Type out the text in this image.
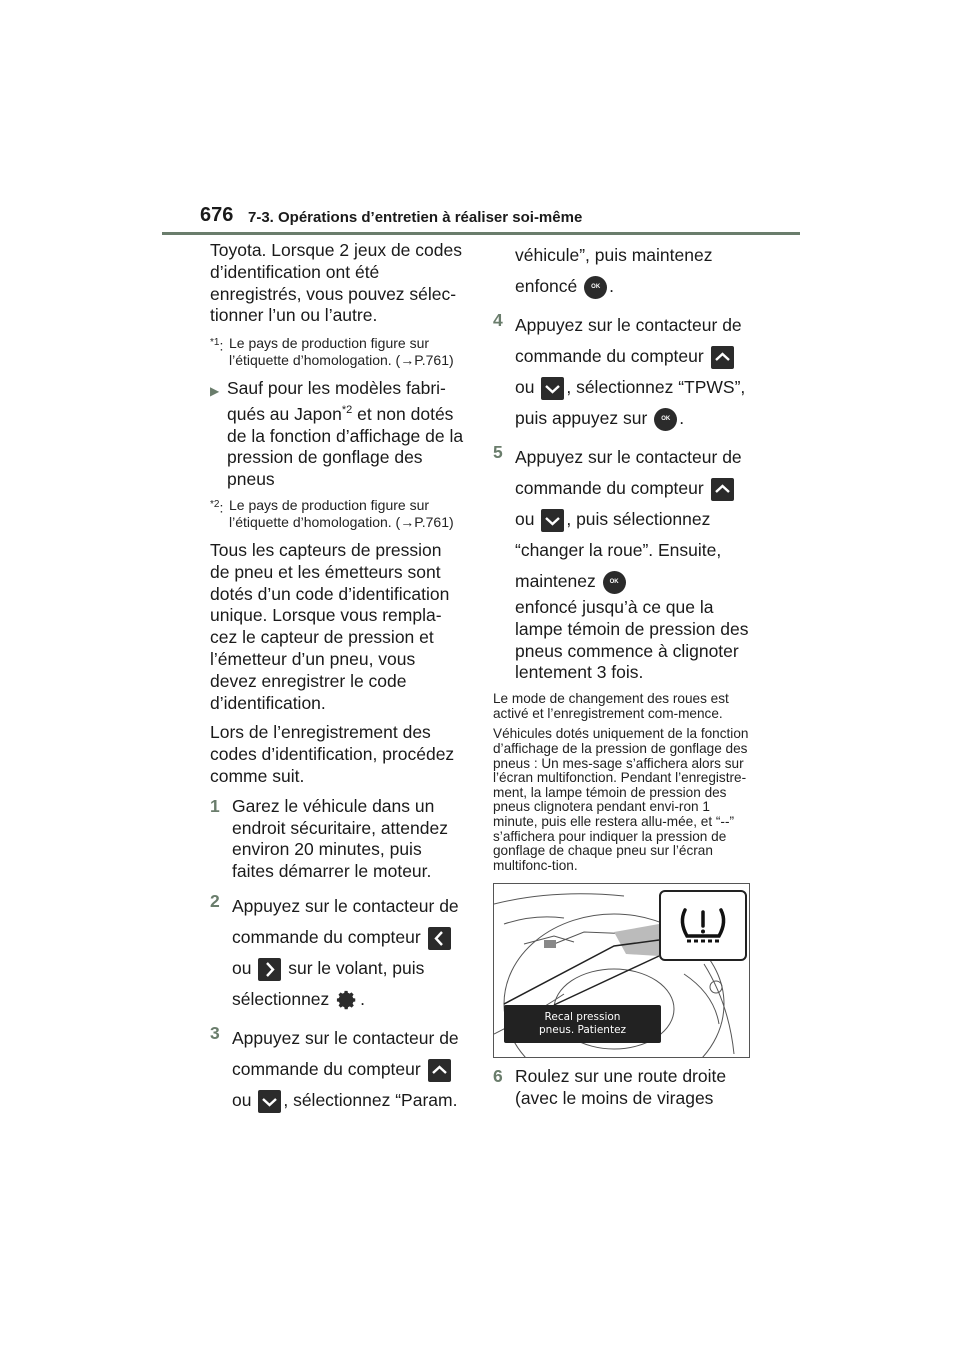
676 7-3. Opérations d’entretien à réaliser soi-même

Toyota. Lorsque 2 jeux de codes d’identification ont été enregistrés, vous pouvez sélec-tionner l’un ou l’autre.

$^{*1}$: Le pays de production figure sur l’étiquette d’homologation. (→P.761)
▶ Sauf pour les modèles fabri-qués au Japon$^{*2}$ et non dotés de la fonction d’affichage de la pression de gonflage des pneus
$^{*2}$: Le pays de production figure sur l’étiquette d’homologation. (→P.761)

Tous les capteurs de pression de pneu et les émetteurs sont dotés d’un code d’identification unique. Lorsque vous rempla-cez le capteur de pression et l’émetteur d’un pneu, vous devez enregistrer le code d’identification.

Lors de l’enregistrement des codes d’identification, procédez comme suit.

1 Garez le véhicule dans un endroit sécuritaire, attendez environ 20 minutes, puis faites démarrer le moteur.
2 Appuyez sur le contacteur de commande du compteur

ou sur le volant, puis sélectionnez .
3 Appuyez sur le contacteur de commande du compteur

ou , sélectionnez “Param.
véhicule”, puis maintenez enfoncé OK .
4 Appuyez sur le contacteur de commande du compteur

ou , sélectionnez “TPWS”, puis appuyez sur OK .
5 Appuyez sur le contacteur de commande du compteur

ou , puis sélectionnez “changer la roue”. Ensuite, maintenez OK
enfoncé jusqu’à ce que la lampe témoin de pression des pneus commence à clignoter lentement 3 fois.

Le mode de changement des roues est activé et l’enregistrement com-mence.

Véhicules dotés uniquement de la fonction d’affichage de la pression de gonflage des pneus : Un mes-sage s’affichera alors sur l’écran multifonction. Pendant l’enregistre-ment, la lampe témoin de pression des pneus clignotera pendant envi-ron 1 minute, puis elle restera allu-mée, et “--” s’affichera pour indiquer la pression de gonflage de chaque pneu sur l’écran multifonc-tion.

Recal pression
pneus. Patientez
6 Roulez sur une route droite (avec le moins de virages
